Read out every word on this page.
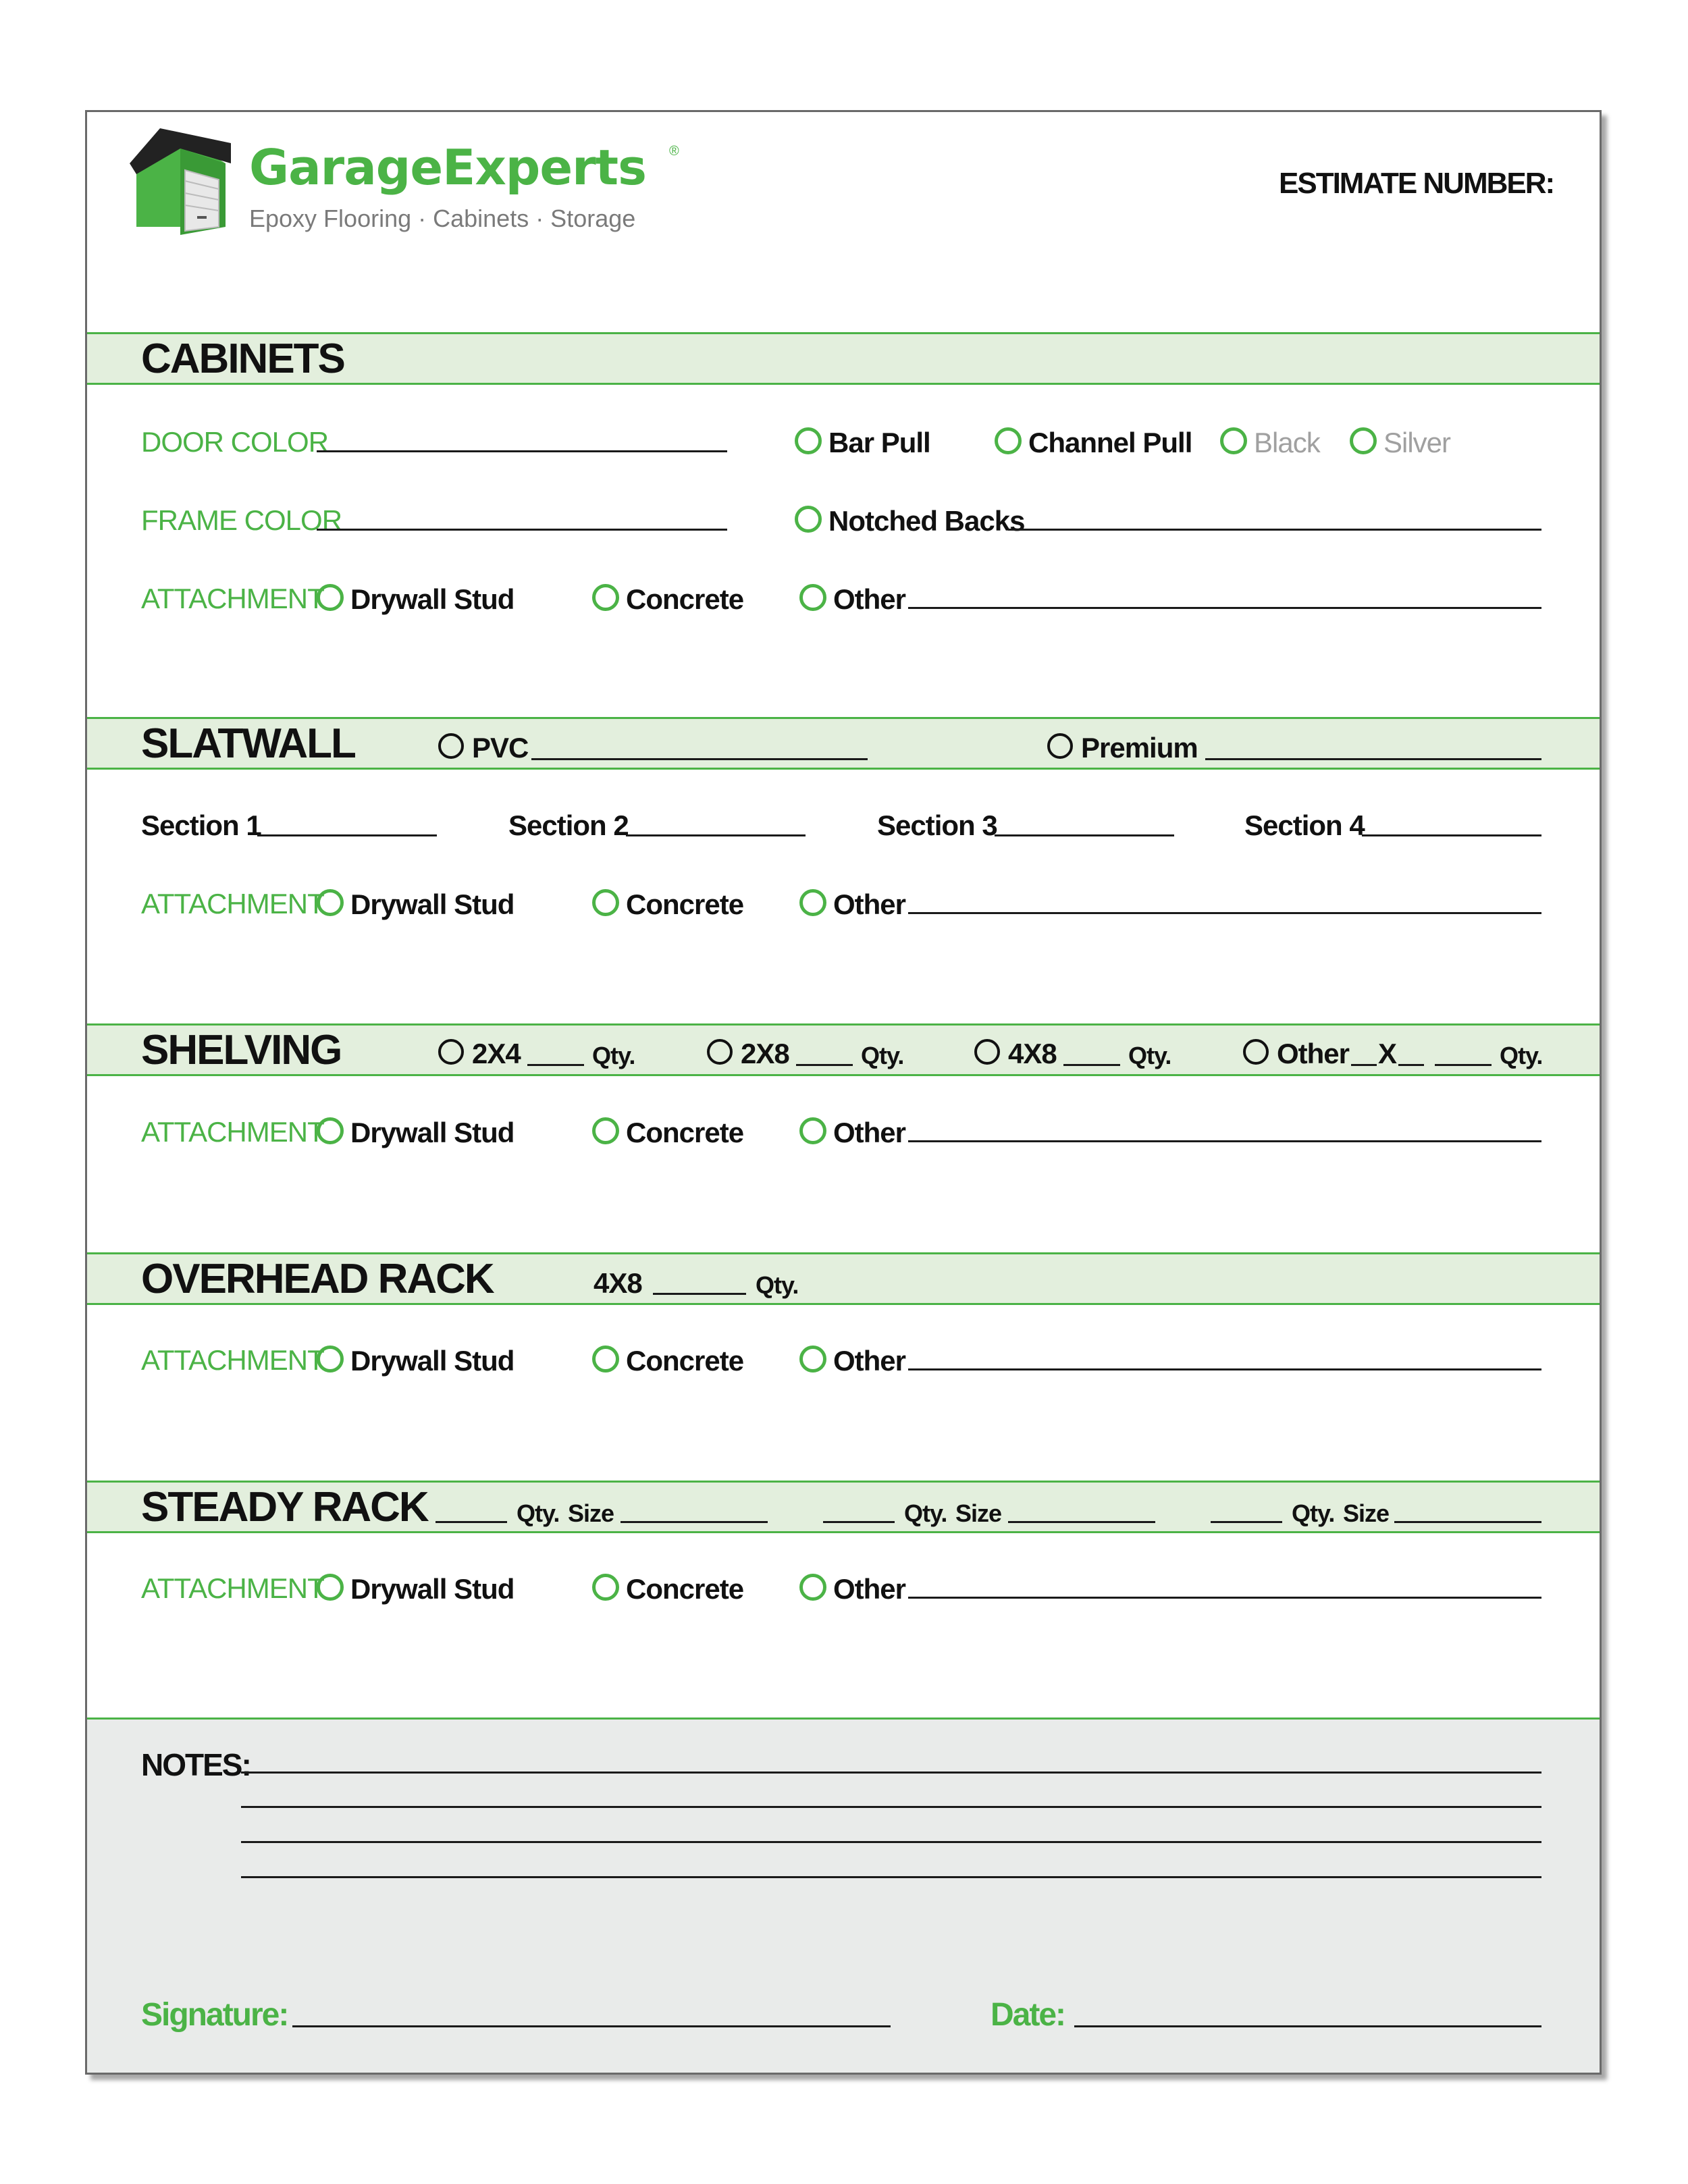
GarageExperts ®
Epoxy Flooring · Cabinets · Storage
ESTIMATE NUMBER:
CABINETS
DOOR COLOR	Bar Pull	Channel Pull Black Silver
FRAME COLOR	Notched Backs
ATTACHMENT Drywall Stud	Concrete	Other
SLATWALL	PVC	Premium
Section 1	Section 2	Section 3	Section 4
ATTACHMENT Drywall Stud	Concrete	Other
SHELVING	2X4	Qty.	2X8	Qty.	4X8	Qty.	Other X	Qty.
ATTACHMENT Drywall Stud	Concrete	Other
OVERHEAD RACK	4X8	Qty.
ATTACHMENT Drywall Stud	Concrete	Other
STEADY RACK	Qty. Size	Qty. Size	Qty. Size
ATTACHMENT Drywall Stud	Concrete	Other
NOTES:
Signature:	Date:
